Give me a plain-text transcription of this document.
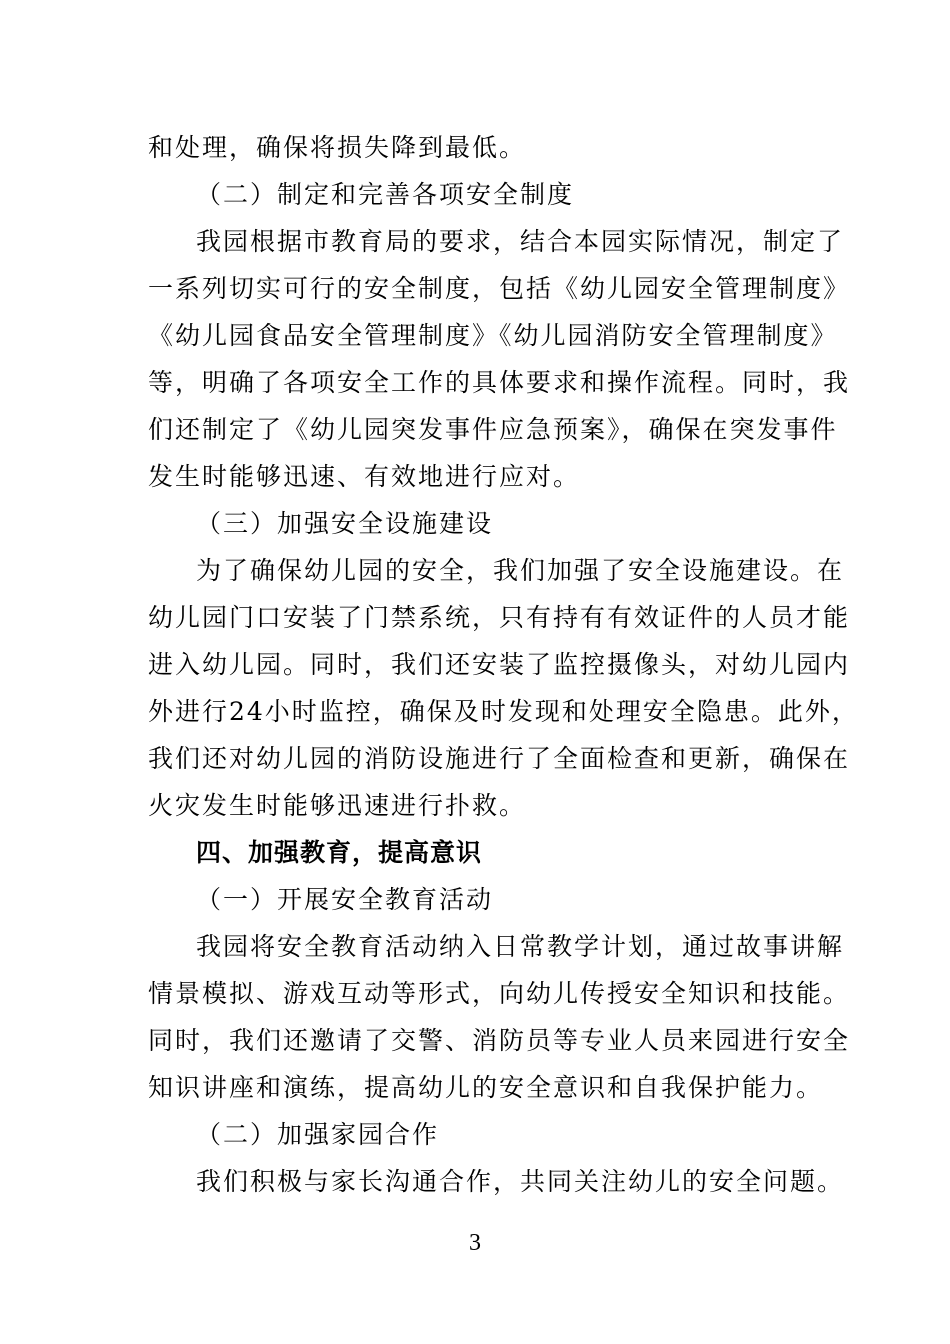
和处理，确保将损失降到最低。
（二）制定和完善各项安全制度
我园根据市教育局的要求，结合本园实际情况，制定了
一系列切实可行的安全制度，包括《幼儿园安全管理制度》
《幼儿园食品安全管理制度》《幼儿园消防安全管理制度》
等，明确了各项安全工作的具体要求和操作流程。同时，我
们还制定了《幼儿园突发事件应急预案》，确保在突发事件
发生时能够迅速、有效地进行应对。
（三）加强安全设施建设
为了确保幼儿园的安全，我们加强了安全设施建设。在
幼儿园门口安装了门禁系统，只有持有有效证件的人员才能
进入幼儿园。同时，我们还安装了监控摄像头，对幼儿园内
外进行24小时监控，确保及时发现和处理安全隐患。此外，
我们还对幼儿园的消防设施进行了全面检查和更新，确保在
火灾发生时能够迅速进行扑救。
四、加强教育，提高意识
（一）开展安全教育活动
我园将安全教育活动纳入日常教学计划，通过故事讲解
情景模拟、游戏互动等形式，向幼儿传授安全知识和技能。
同时，我们还邀请了交警、消防员等专业人员来园进行安全
知识讲座和演练，提高幼儿的安全意识和自我保护能力。
（二）加强家园合作
我们积极与家长沟通合作，共同关注幼儿的安全问题。
3
